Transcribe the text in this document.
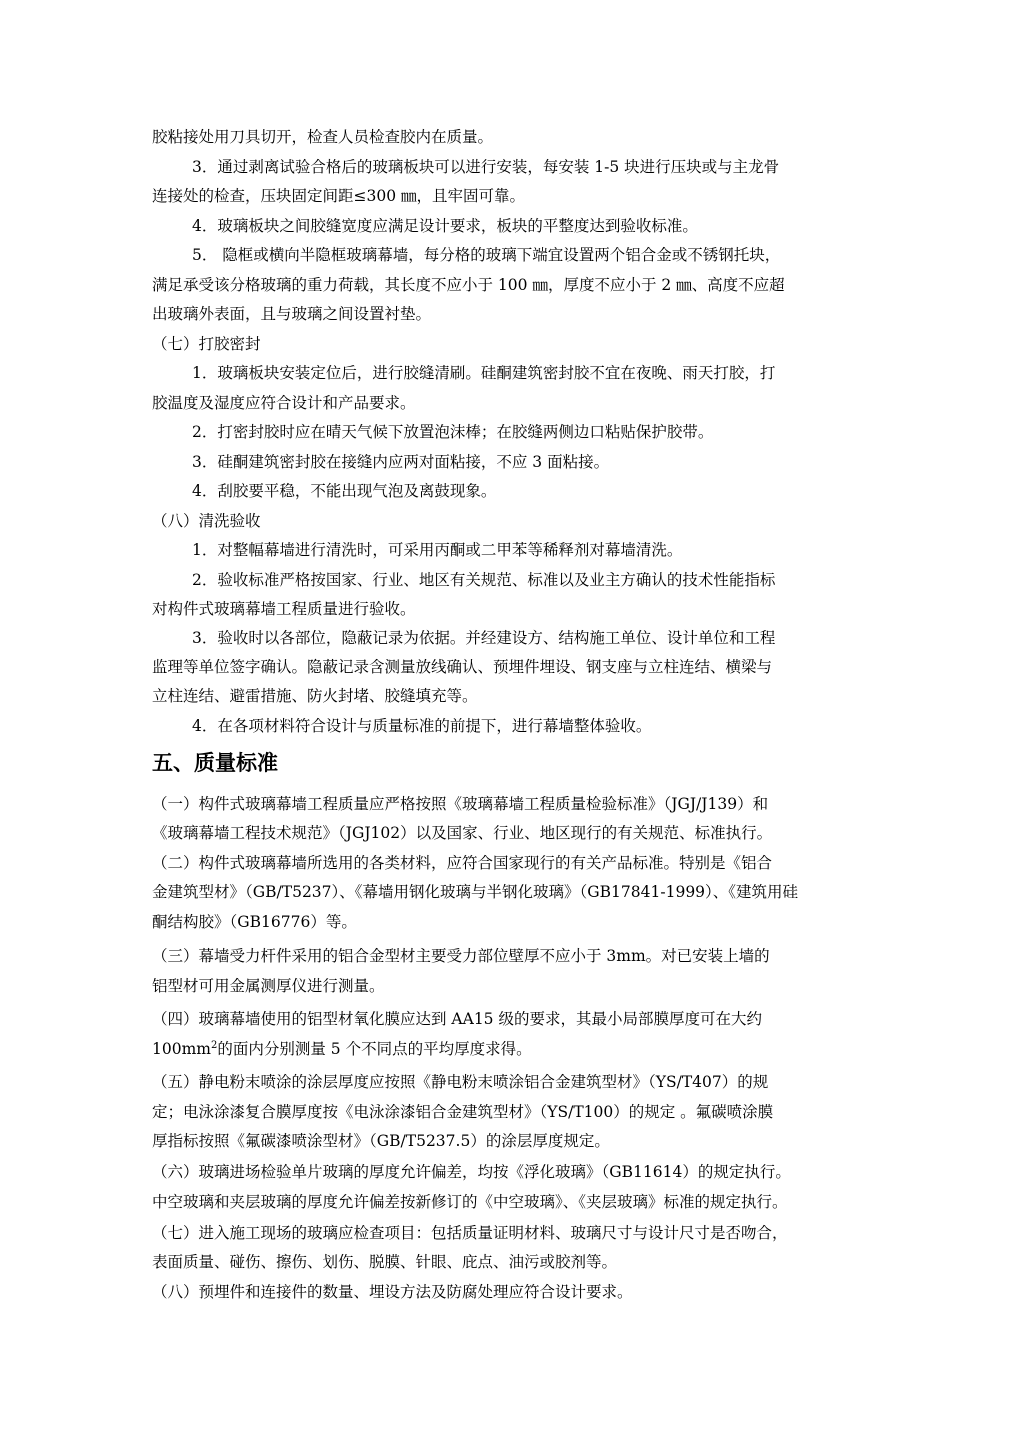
胶粘接处用刀具切开，检查人员检查胶内在质量。

3．通过剥离试验合格后的玻璃板块可以进行安装，每安装 1-5 块进行压块或与主龙骨

连接处的检查，压块固定间距≤300 ㎜，且牢固可靠。

4．玻璃板块之间胶缝宽度应满足设计要求，板块的平整度达到验收标准。

5． 隐框或横向半隐框玻璃幕墙，每分格的玻璃下端宜设置两个铝合金或不锈钢托块，

满足承受该分格玻璃的重力荷载，其长度不应小于 100 ㎜，厚度不应小于 2 ㎜、高度不应超

出玻璃外表面，且与玻璃之间设置衬垫。

（七）打胶密封

1．玻璃板块安装定位后，进行胶缝清刷。硅酮建筑密封胶不宜在夜晚、雨天打胶，打

胶温度及湿度应符合设计和产品要求。

2．打密封胶时应在晴天气候下放置泡沫棒；在胶缝两侧边口粘贴保护胶带。

3．硅酮建筑密封胶在接缝内应两对面粘接，不应 3 面粘接。

4．刮胶要平稳，不能出现气泡及离鼓现象。

（八）清洗验收

1．对整幅幕墙进行清洗时，可采用丙酮或二甲苯等稀释剂对幕墙清洗。

2．验收标准严格按国家、行业、地区有关规范、标准以及业主方确认的技术性能指标

对构件式玻璃幕墙工程质量进行验收。

3．验收时以各部位，隐蔽记录为依据。并经建设方、结构施工单位、设计单位和工程

监理等单位签字确认。隐蔽记录含测量放线确认、预埋件埋设、钢支座与立柱连结、横梁与

立柱连结、避雷措施、防火封堵、胶缝填充等。

4．在各项材料符合设计与质量标准的前提下，进行幕墙整体验收。

五、质量标准

（一）构件式玻璃幕墙工程质量应严格按照《玻璃幕墙工程质量检验标准》（JGJ/J139）和

《玻璃幕墙工程技术规范》（JGJ102）以及国家、行业、地区现行的有关规范、标准执行。

（二）构件式玻璃幕墙所选用的各类材料，应符合国家现行的有关产品标准。特别是《铝合

金建筑型材》（GB/T5237）、《幕墙用钢化玻璃与半钢化玻璃》（GB17841-1999）、《建筑用硅

酮结构胶》（GB16776）等。

（三）幕墙受力杆件采用的铝合金型材主要受力部位壁厚不应小于 3mm。对已安装上墙的

铝型材可用金属测厚仪进行测量。

（四）玻璃幕墙使用的铝型材氧化膜应达到 AA15 级的要求，其最小局部膜厚度可在大约

$100mm^2$的面内分别测量 5 个不同点的平均厚度求得。

（五）静电粉末喷涂的涂层厚度应按照《静电粉末喷涂铝合金建筑型材》（YS/T407）的规

定；电泳涂漆复合膜厚度按《电泳涂漆铝合金建筑型材》（YS/T100）的规定 。氟碳喷涂膜

厚指标按照《氟碳漆喷涂型材》（GB/T5237.5）的涂层厚度规定。

（六）玻璃进场检验单片玻璃的厚度允许偏差，均按《浮化玻璃》（GB11614）的规定执行。

中空玻璃和夹层玻璃的厚度允许偏差按新修订的《中空玻璃》、《夹层玻璃》标准的规定执行。

（七）进入施工现场的玻璃应检查项目：包括质量证明材料、玻璃尺寸与设计尺寸是否吻合，

表面质量、碰伤、擦伤、划伤、脱膜、针眼、庇点、油污或胶剂等。

（八）预埋件和连接件的数量、埋设方法及防腐处理应符合设计要求。
